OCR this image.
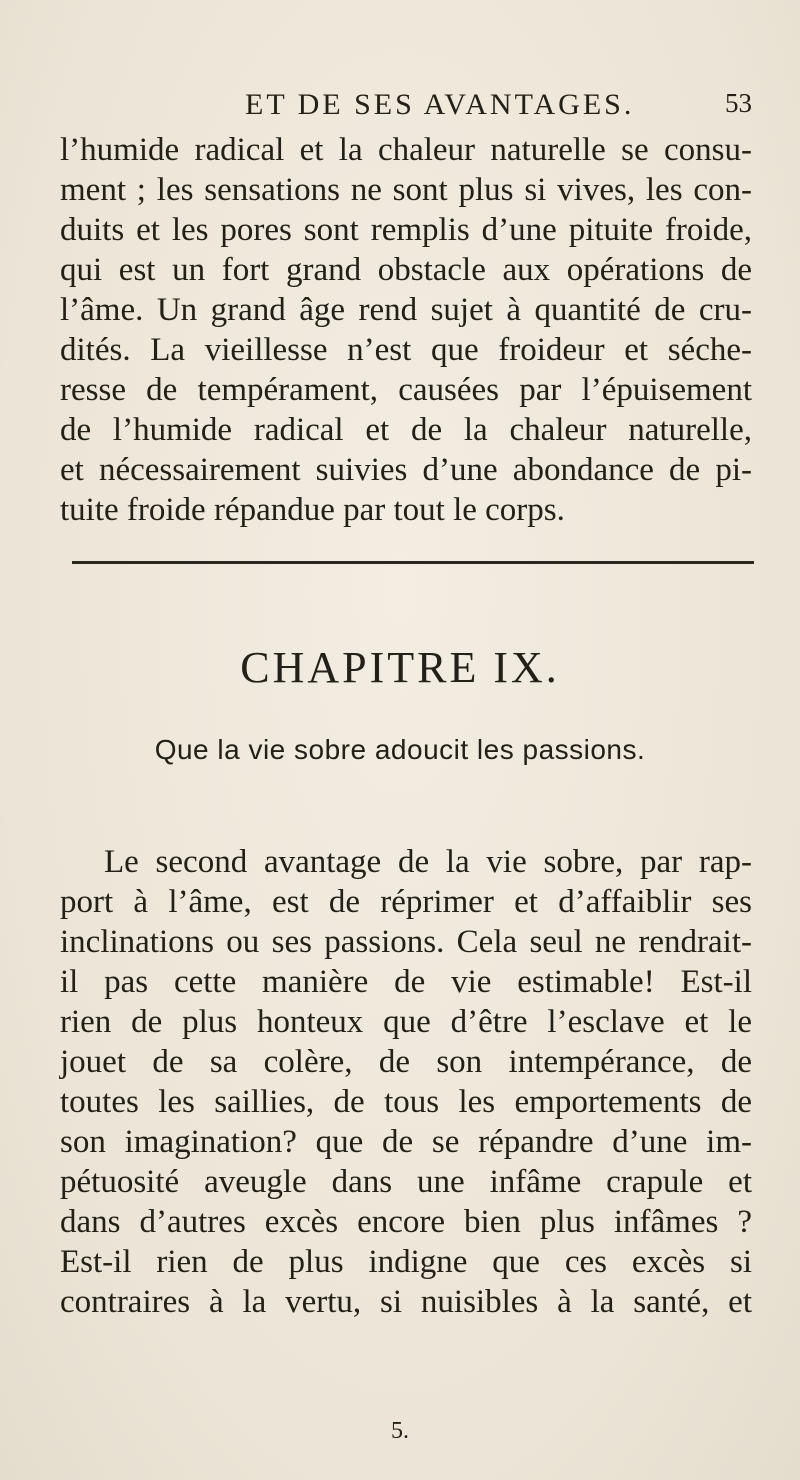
ET DE SES AVANTAGES.	53
l’humide radical et la chaleur naturelle se consu-
ment ; les sensations ne sont plus si vives, les con-
duits et les pores sont remplis d’une pituite froide,
qui est un fort grand obstacle aux opérations de
l’âme. Un grand âge rend sujet à quantité de cru-
dités. La vieillesse n’est que froideur et séche-
resse de tempérament, causées par l’épuisement
de l’humide radical et de la chaleur naturelle,
et nécessairement suivies d’une abondance de pi-
tuite froide répandue par tout le corps.
CHAPITRE IX.
Que la vie sobre adoucit les passions.
Le second avantage de la vie sobre, par rap-
port à l’âme, est de réprimer et d’affaiblir ses
inclinations ou ses passions. Cela seul ne rendrait-
il pas cette manière de vie estimable! Est-il
rien de plus honteux que d’être l’esclave et le
jouet de sa colère, de son intempérance, de
toutes les saillies, de tous les emportements de
son imagination? que de se répandre d’une im-
pétuosité aveugle dans une infâme crapule et
dans d’autres excès encore bien plus infâmes ?
Est-il rien de plus indigne que ces excès si
contraires à la vertu, si nuisibles à la santé, et
5.
